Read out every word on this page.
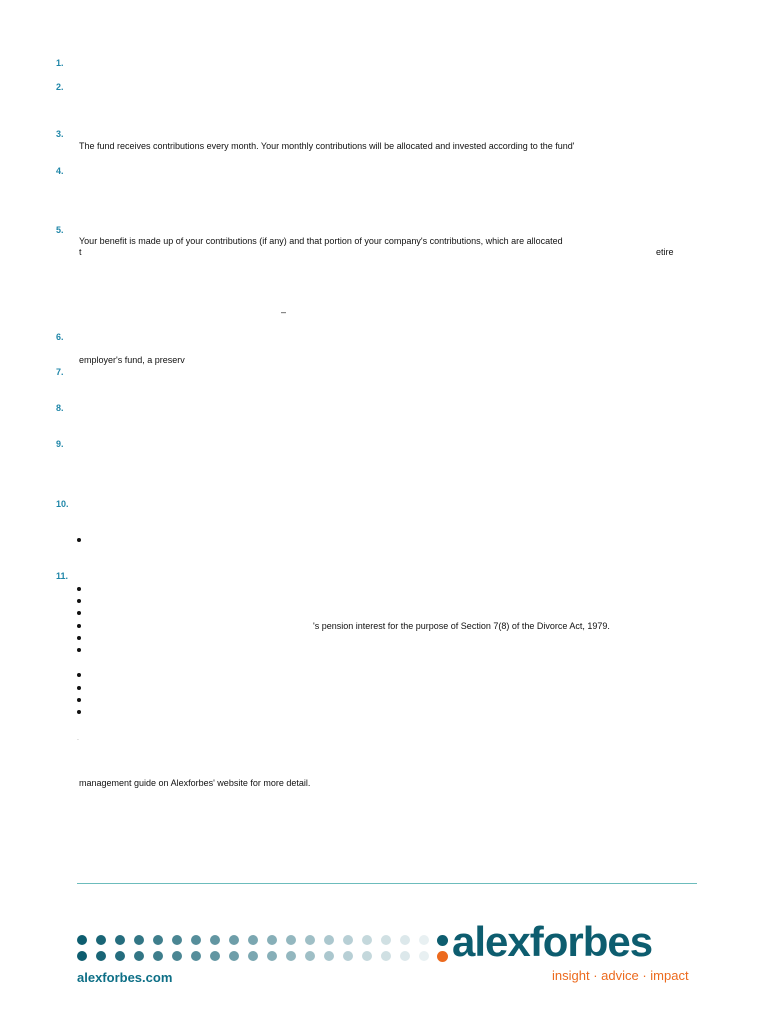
1.
2.
3.
4.
5.
6.
7.
8.
9.
10.
11.
The fund receives contributions every month. Your monthly contributions will be allocated and invested according to the fund'
Your benefit is made up of your contributions (if any) and that portion of your company's contributions, which are allocated
t	etire
–
employer's fund, a preserv
's pension interest for the purpose of Section 7(8) of the Divorce Act, 1979.
.
management guide on Alexforbes' website for more detail.
alexforbes.com
alexforbes
insight · advice · impact
